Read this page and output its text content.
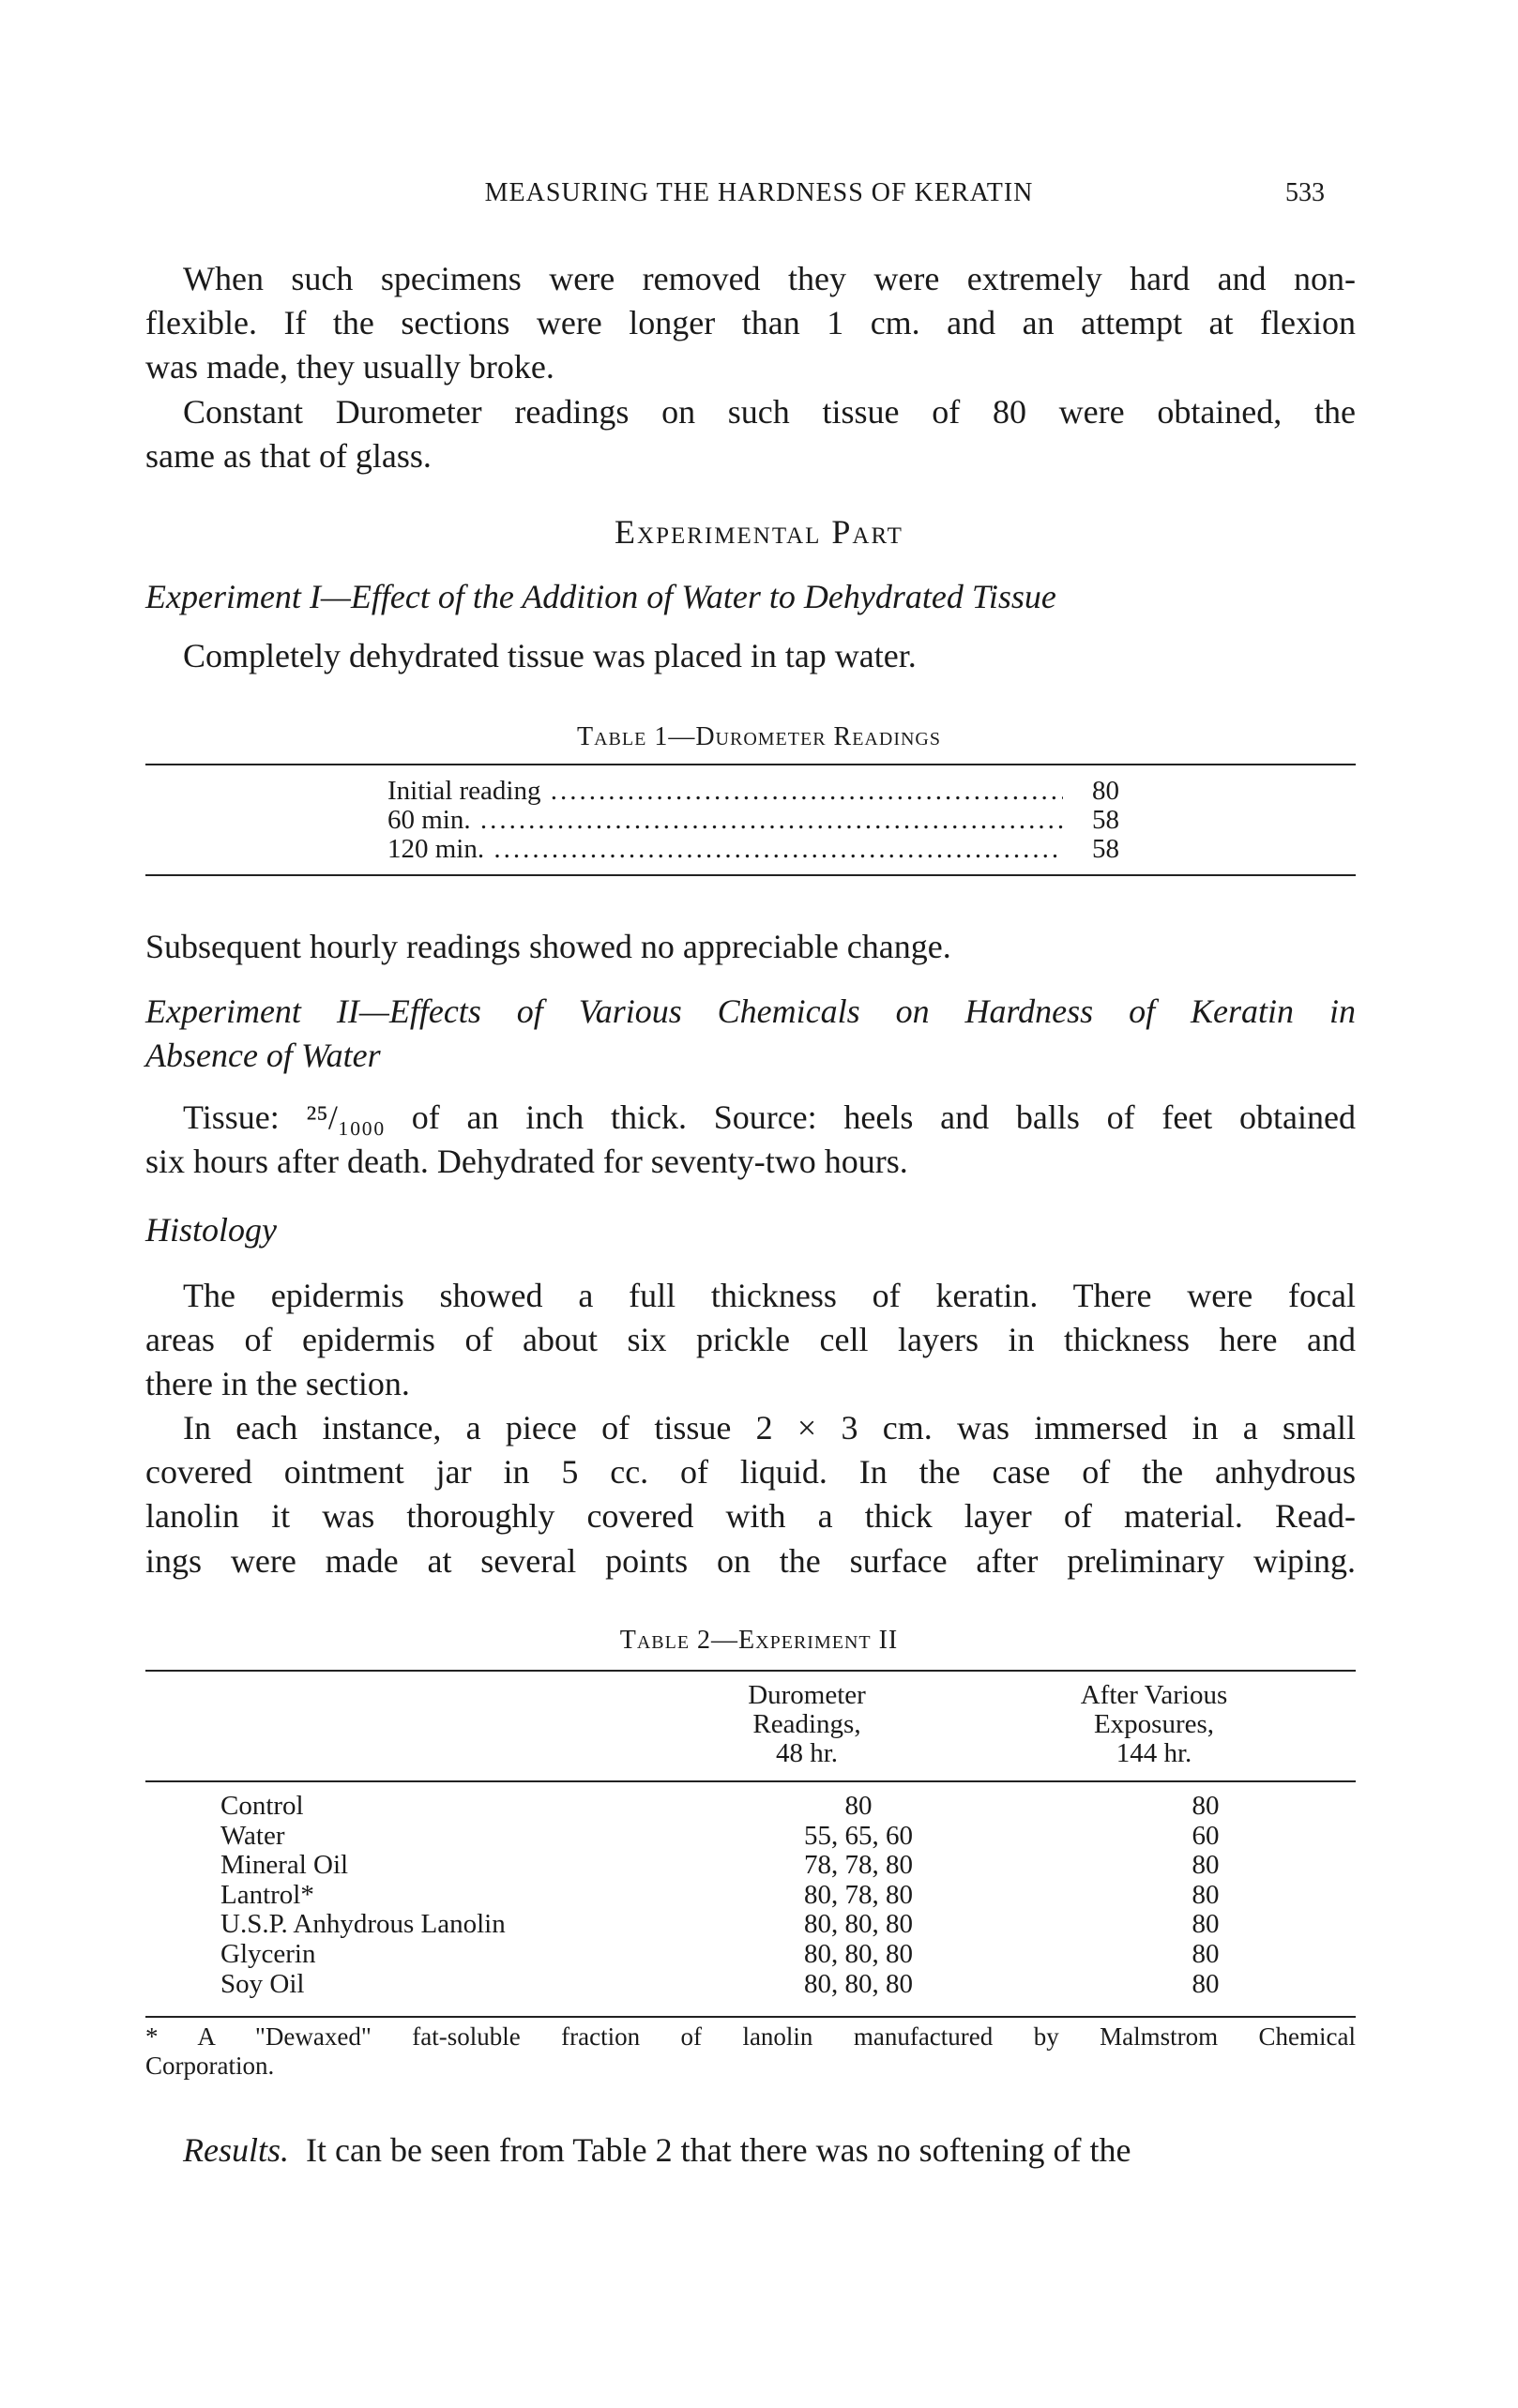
MEASURING THE HARDNESS OF KERATIN	533
When such specimens were removed they were extremely hard and non-
flexible. If the sections were longer than 1 cm. and an attempt at flexion
was made, they usually broke.
Constant Durometer readings on such tissue of 80 were obtained, the
same as that of glass.
Experimental Part
Experiment I—Effect of the Addition of Water to Dehydrated Tissue
Completely dehydrated tissue was placed in tap water.
Table 1—Durometer Readings
Initial reading .....	80
60 min. .....	58
120 min. .....	58
Subsequent hourly readings showed no appreciable change.
Experiment II—Effects of Various Chemicals on Hardness of Keratin in
Absence of Water
Tissue: ²⁵/₁₀₀₀ of an inch thick. Source: heels and balls of feet obtained
six hours after death. Dehydrated for seventy-two hours.
Histology
The epidermis showed a full thickness of keratin. There were focal
areas of epidermis of about six prickle cell layers in thickness here and
there in the section.
In each instance, a piece of tissue 2 × 3 cm. was immersed in a small
covered ointment jar in 5 cc. of liquid. In the case of the anhydrous
lanolin it was thoroughly covered with a thick layer of material. Read-
ings were made at several points on the surface after preliminary wiping.
Table 2—Experiment II
Durometer
Readings,
48 hr.
After Various
Exposures,
144 hr.
Control	80	80
Water	55, 65, 60	60
Mineral Oil	78, 78, 80	80
Lantrol*	80, 78, 80	80
U.S.P. Anhydrous Lanolin	80, 80, 80	80
Glycerin	80, 80, 80	80
Soy Oil	80, 80, 80	80
* A "Dewaxed" fat-soluble fraction of lanolin manufactured by Malmstrom Chemical
Corporation.
Results. It can be seen from Table 2 that there was no softening of the
